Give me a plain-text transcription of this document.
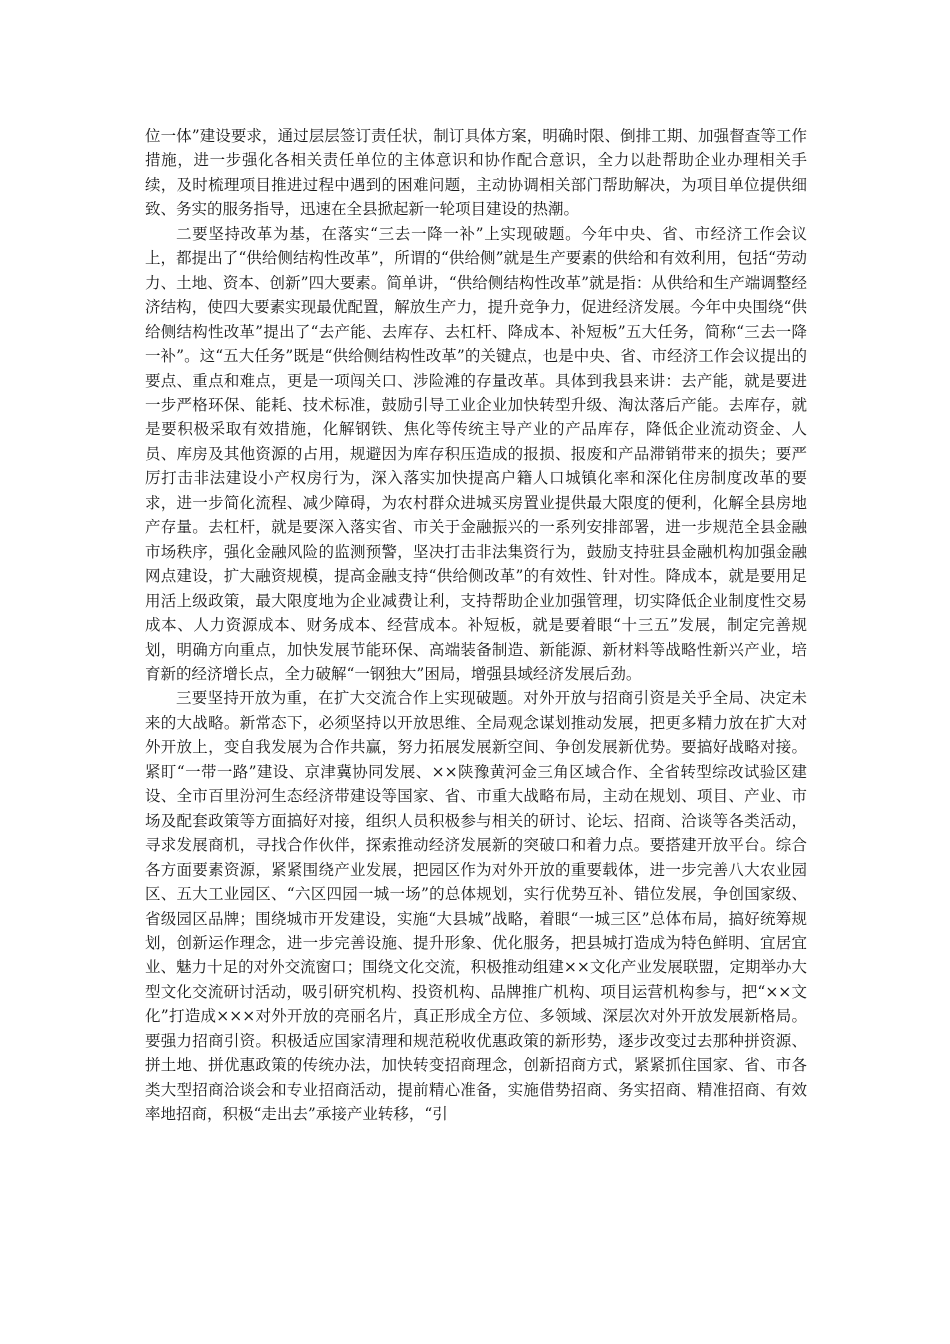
位一体”建设要求，通过层层签订责任状，制订具体方案，明确时限、倒排工期、加强督查等工作措施，进一步强化各相关责任单位的主体意识和协作配合意识，全力以赴帮助企业办理相关手续，及时梳理项目推进过程中遇到的困难问题，主动协调相关部门帮助解决，为项目单位提供细致、务实的服务指导，迅速在全县掀起新一轮项目建设的热潮。

二要坚持改革为基，在落实“三去一降一补”上实现破题。今年中央、省、市经济工作会议上，都提出了“供给侧结构性改革”，所谓的“供给侧”就是生产要素的供给和有效利用，包括“劳动力、土地、资本、创新”四大要素。简单讲，“供给侧结构性改革”就是指：从供给和生产端调整经济结构，使四大要素实现最优配置，解放生产力，提升竞争力，促进经济发展。今年中央围绕“供给侧结构性改革”提出了“去产能、去库存、去杠杆、降成本、补短板”五大任务，简称“三去一降一补”。这“五大任务”既是“供给侧结构性改革”的关键点，也是中央、省、市经济工作会议提出的要点、重点和难点，更是一项闯关口、涉险滩的存量改革。具体到我县来讲：去产能，就是要进一步严格环保、能耗、技术标准，鼓励引导工业企业加快转型升级、淘汰落后产能。去库存，就是要积极采取有效措施，化解钢铁、焦化等传统主导产业的产品库存，降低企业流动资金、人员、库房及其他资源的占用，规避因为库存积压造成的报损、报废和产品滞销带来的损失；要严厉打击非法建设小产权房行为，深入落实加快提高户籍人口城镇化率和深化住房制度改革的要求，进一步简化流程、减少障碍，为农村群众进城买房置业提供最大限度的便利，化解全县房地产存量。去杠杆，就是要深入落实省、市关于金融振兴的一系列安排部署，进一步规范全县金融市场秩序，强化金融风险的监测预警，坚决打击非法集资行为，鼓励支持驻县金融机构加强金融网点建设，扩大融资规模，提高金融支持“供给侧改革”的有效性、针对性。降成本，就是要用足用活上级政策，最大限度地为企业减费让利，支持帮助企业加强管理，切实降低企业制度性交易成本、人力资源成本、财务成本、经营成本。补短板，就是要着眼“十三五”发展，制定完善规划，明确方向重点，加快发展节能环保、高端装备制造、新能源、新材料等战略性新兴产业，培育新的经济增长点，全力破解“一钢独大”困局，增强县域经济发展后劲。

三要坚持开放为重，在扩大交流合作上实现破题。对外开放与招商引资是关乎全局、决定未来的大战略。新常态下，必须坚持以开放思维、全局观念谋划推动发展，把更多精力放在扩大对外开放上，变自我发展为合作共赢，努力拓展发展新空间、争创发展新优势。要搞好战略对接。紧盯“一带一路”建设、京津冀协同发展、××陕豫黄河金三角区域合作、全省转型综改试验区建设、全市百里汾河生态经济带建设等国家、省、市重大战略布局，主动在规划、项目、产业、市场及配套政策等方面搞好对接，组织人员积极参与相关的研讨、论坛、招商、洽谈等各类活动，寻求发展商机，寻找合作伙伴，探索推动经济发展新的突破口和着力点。要搭建开放平台。综合各方面要素资源，紧紧围绕产业发展，把园区作为对外开放的重要载体，进一步完善八大农业园区、五大工业园区、“六区四园一城一场”的总体规划，实行优势互补、错位发展，争创国家级、省级园区品牌；围绕城市开发建设，实施“大县城”战略，着眼“一城三区”总体布局，搞好统筹规划，创新运作理念，进一步完善设施、提升形象、优化服务，把县城打造成为特色鲜明、宜居宜业、魅力十足的对外交流窗口；围绕文化交流，积极推动组建××文化产业发展联盟，定期举办大型文化交流研讨活动，吸引研究机构、投资机构、品牌推广机构、项目运营机构参与，把“××文化”打造成×××对外开放的亮丽名片，真正形成全方位、多领域、深层次对外开放发展新格局。要强力招商引资。积极适应国家清理和规范税收优惠政策的新形势，逐步改变过去那种拼资源、拼土地、拼优惠政策的传统办法，加快转变招商理念，创新招商方式，紧紧抓住国家、省、市各类大型招商洽谈会和专业招商活动，提前精心准备，实施借势招商、务实招商、精准招商、有效率地招商，积极“走出去”承接产业转移，“引
